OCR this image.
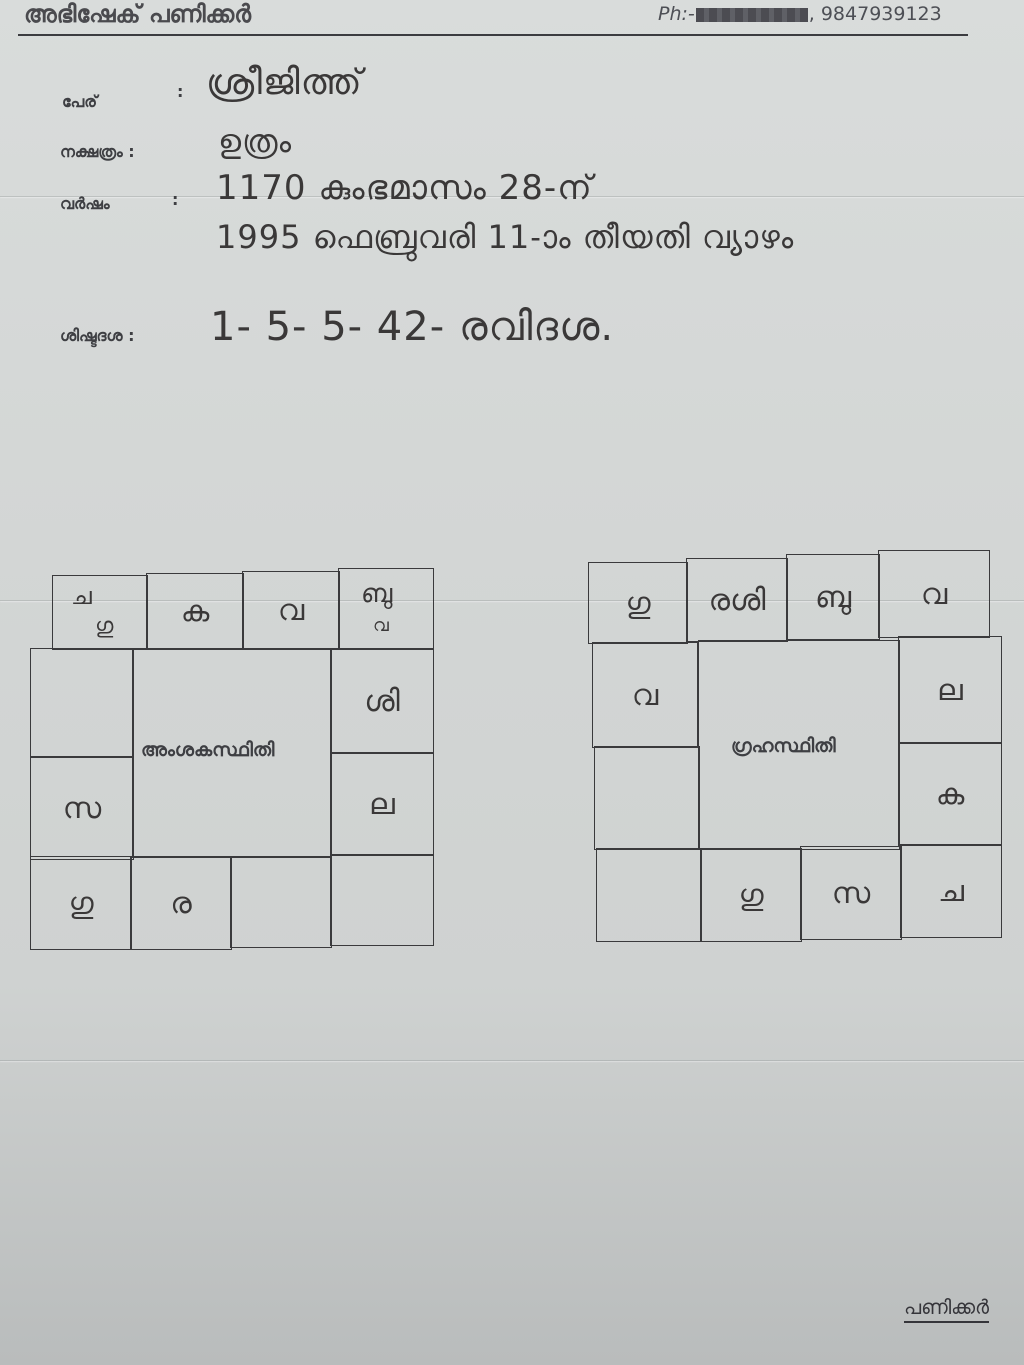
അഭിഷേക് പണിക്കർ	Ph:-	, 9847939123
പേര്
: ശ്രീജിത്ത്
നക്ഷത്രം :	ഉത്രം
വർഷം	: 1170 കുംഭമാസം 28-ന്
1995 ഫെബ്രുവരി 11-ാം തീയതി വ്യാഴം
ശിഷ്ടദശ : 1- 5- 5- 42- രവിദശ.
ച
ഗു ക വ ബു
വ
സ
അംശകസ്ഥിതി
ശി
ല
ഗു	ര
ഗു രശി ബു വ
വ
ഗ്രഹസ്ഥിതി
ല
ക
ഗു സ ച
പണിക്കർ
